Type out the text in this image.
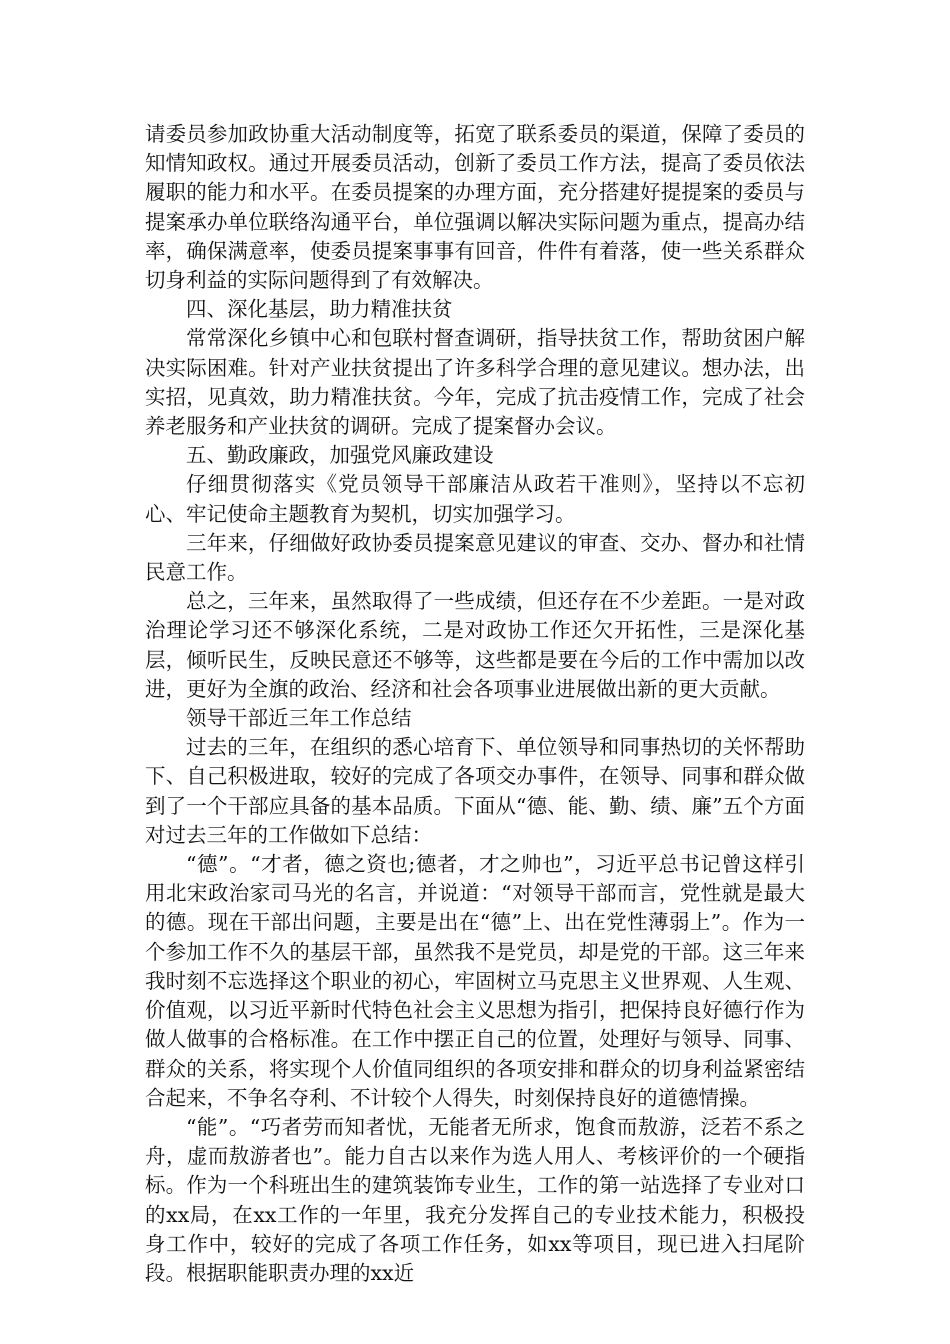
请委员参加政协重大活动制度等，拓宽了联系委员的渠道，保障了委员的知情知政权。通过开展委员活动，创新了委员工作方法，提高了委员依法履职的能力和水平。在委员提案的办理方面，充分搭建好提提案的委员与提案承办单位联络沟通平台，单位强调以解决实际问题为重点，提高办结率，确保满意率，使委员提案事事有回音，件件有着落，使一些关系群众切身利益的实际问题得到了有效解决。

四、深化基层，助力精准扶贫

常常深化乡镇中心和包联村督查调研，指导扶贫工作，帮助贫困户解决实际困难。针对产业扶贫提出了许多科学合理的意见建议。想办法，出实招，见真效，助力精准扶贫。今年，完成了抗击疫情工作，完成了社会养老服务和产业扶贫的调研。完成了提案督办会议。

五、勤政廉政，加强党风廉政建设

仔细贯彻落实《党员领导干部廉洁从政若干准则》，坚持以不忘初心、牢记使命主题教育为契机，切实加强学习。

三年来，仔细做好政协委员提案意见建议的审查、交办、督办和社情民意工作。

总之，三年来，虽然取得了一些成绩，但还存在不少差距。一是对政治理论学习还不够深化系统，二是对政协工作还欠开拓性，三是深化基层，倾听民生，反映民意还不够等，这些都是要在今后的工作中需加以改进，更好为全旗的政治、经济和社会各项事业进展做出新的更大贡献。

领导干部近三年工作总结

过去的三年，在组织的悉心培育下、单位领导和同事热切的关怀帮助下、自己积极进取，较好的完成了各项交办事件，在领导、同事和群众做到了一个干部应具备的基本品质。下面从“德、能、勤、绩、廉”五个方面对过去三年的工作做如下总结：

“德”。“才者，德之资也;德者，才之帅也”，习近平总书记曾这样引用北宋政治家司马光的名言，并说道：“对领导干部而言，党性就是最大的德。现在干部出问题，主要是出在“德”上、出在党性薄弱上”。作为一个参加工作不久的基层干部，虽然我不是党员，却是党的干部。这三年来我时刻不忘选择这个职业的初心，牢固树立马克思主义世界观、人生观、价值观，以习近平新时代特色社会主义思想为指引，把保持良好德行作为做人做事的合格标准。在工作中摆正自己的位置，处理好与领导、同事、群众的关系，将实现个人价值同组织的各项安排和群众的切身利益紧密结合起来，不争名夺利、不计较个人得失，时刻保持良好的道德情操。

“能”。“巧者劳而知者忧，无能者无所求，饱食而敖游，泛若不系之舟，虚而敖游者也”。能力自古以来作为选人用人、考核评价的一个硬指标。作为一个科班出生的建筑装饰专业生，工作的第一站选择了专业对口的xx局，在xx工作的一年里，我充分发挥自己的专业技术能力，积极投身工作中，较好的完成了各项工作任务，如xx等项目，现已进入扫尾阶段。根据职能职责办理的xx近
